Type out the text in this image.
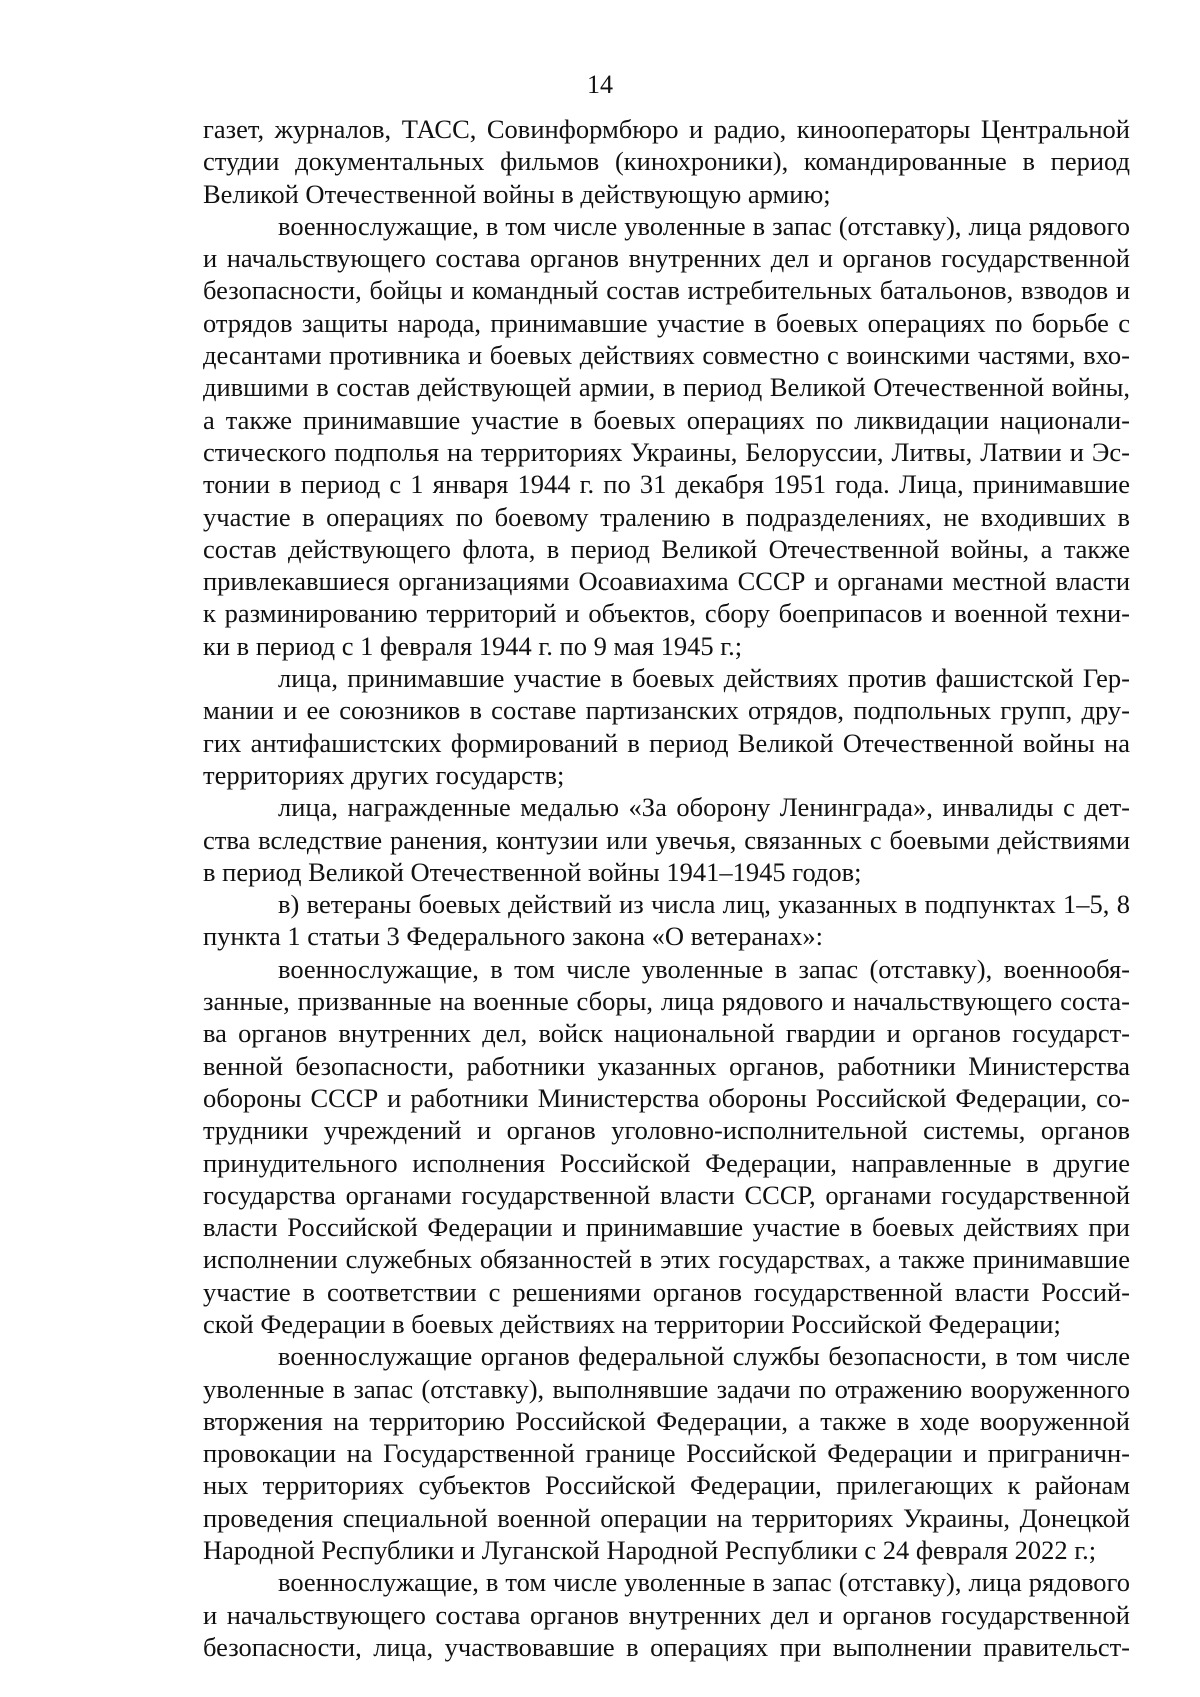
14
газет, журналов, ТАСС, Совинформбюро и радио, кинооператоры Центральной
студии документальных фильмов (кинохроники), командированные в период
Великой Отечественной войны в действующую армию;
военнослужащие, в том числе уволенные в запас (отставку), лица рядового
и начальствующего состава органов внутренних дел и органов государственной
безопасности, бойцы и командный состав истребительных батальонов, взводов и
отрядов защиты народа, принимавшие участие в боевых операциях по борьбе с
десантами противника и боевых действиях совместно с воинскими частями, вхо-
дившими в состав действующей армии, в период Великой Отечественной войны,
а также принимавшие участие в боевых операциях по ликвидации национали-
стического подполья на территориях Украины, Белоруссии, Литвы, Латвии и Эс-
тонии в период с 1 января 1944 г. по 31 декабря 1951 года. Лица, принимавшие
участие в операциях по боевому тралению в подразделениях, не входивших в
состав действующего флота, в период Великой Отечественной войны, а также
привлекавшиеся организациями Осоавиахима СССР и органами местной власти
к разминированию территорий и объектов, сбору боеприпасов и военной техни-
ки в период с 1 февраля 1944 г. по 9 мая 1945 г.;
лица, принимавшие участие в боевых действиях против фашистской Гер-
мании и ее союзников в составе партизанских отрядов, подпольных групп, дру-
гих антифашистских формирований в период Великой Отечественной войны на
территориях других государств;
лица, награжденные медалью «За оборону Ленинграда», инвалиды с дет-
ства вследствие ранения, контузии или увечья, связанных с боевыми действиями
в период Великой Отечественной войны 1941–1945 годов;
в) ветераны боевых действий из числа лиц, указанных в подпунктах 1–5, 8
пункта 1 статьи 3 Федерального закона «О ветеранах»:
военнослужащие, в том числе уволенные в запас (отставку), военнообя-
занные, призванные на военные сборы, лица рядового и начальствующего соста-
ва органов внутренних дел, войск национальной гвардии и органов государст-
венной безопасности, работники указанных органов, работники Министерства
обороны СССР и работники Министерства обороны Российской Федерации, со-
трудники учреждений и органов уголовно-исполнительной системы, органов
принудительного исполнения Российской Федерации, направленные в другие
государства органами государственной власти СССР, органами государственной
власти Российской Федерации и принимавшие участие в боевых действиях при
исполнении служебных обязанностей в этих государствах, а также принимавшие
участие в соответствии с решениями органов государственной власти Россий-
ской Федерации в боевых действиях на территории Российской Федерации;
военнослужащие органов федеральной службы безопасности, в том числе
уволенные в запас (отставку), выполнявшие задачи по отражению вооруженного
вторжения на территорию Российской Федерации, а также в ходе вооруженной
провокации на Государственной границе Российской Федерации и приграничн-
ных территориях субъектов Российской Федерации, прилегающих к районам
проведения специальной военной операции на территориях Украины, Донецкой
Народной Республики и Луганской Народной Республики с 24 февраля 2022 г.;
военнослужащие, в том числе уволенные в запас (отставку), лица рядового
и начальствующего состава органов внутренних дел и органов государственной
безопасности, лица, участвовавшие в операциях при выполнении правительст-
